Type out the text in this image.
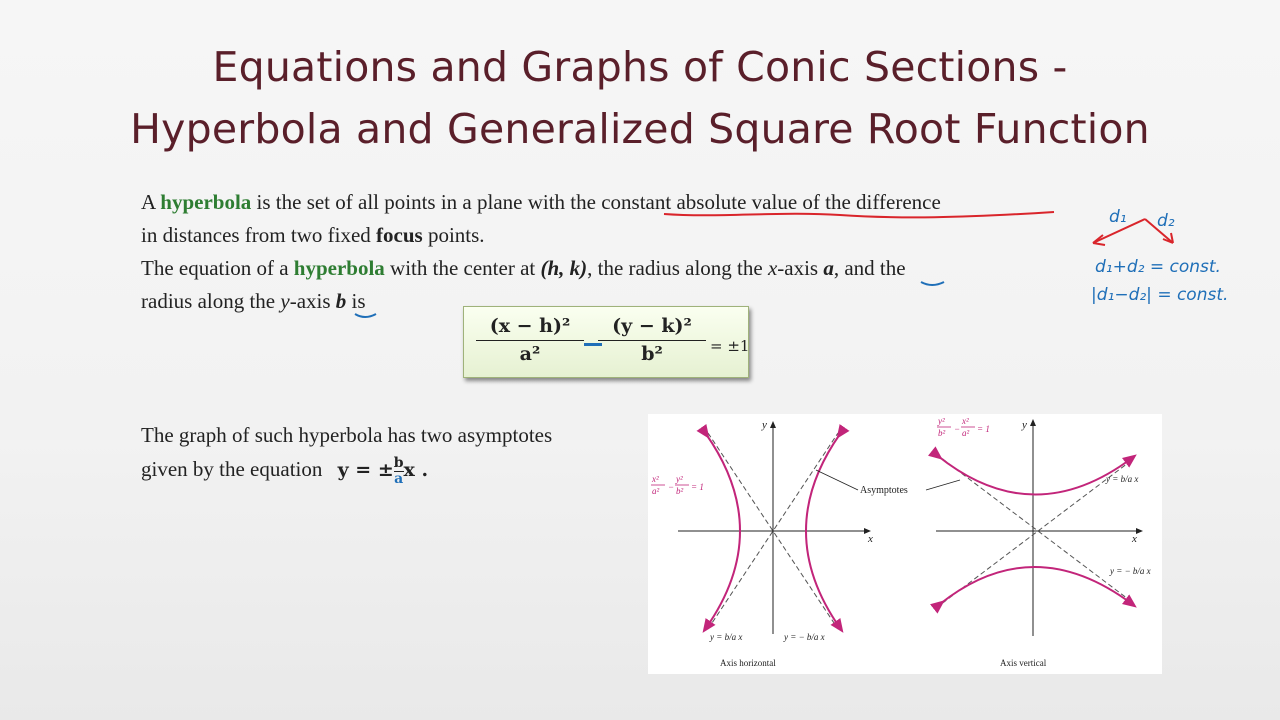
Equations and Graphs of Conic Sections -
Hyperbola and Generalized Square Root Function
A hyperbola is the set of all points in a plane with the constant absolute value of the difference
in distances from two fixed focus points.
The equation of a hyperbola with the center at (h, k), the radius along the x-axis a, and the
radius along the y-axis b is
$\frac{\text{(x − h)²}}{\text{a²}} \frac{\text{(y − k)²}}{\text{b²}} = \pm 1$
The graph of such hyperbola has two asymptotes
given by the equation y = ± $\frac{b}{a}$ x .
x
y
x²
a² −
y²
b² = 1
y = b/a x	y = − b/a x
Axis horizontal
Asymptotes
x
y
y²
b² −
x²
a² = 1
y = b/a x
y = − b/a x
Axis vertical
d₁ d₂
d₁+d₂ = const.
|d₁−d₂| = const.
